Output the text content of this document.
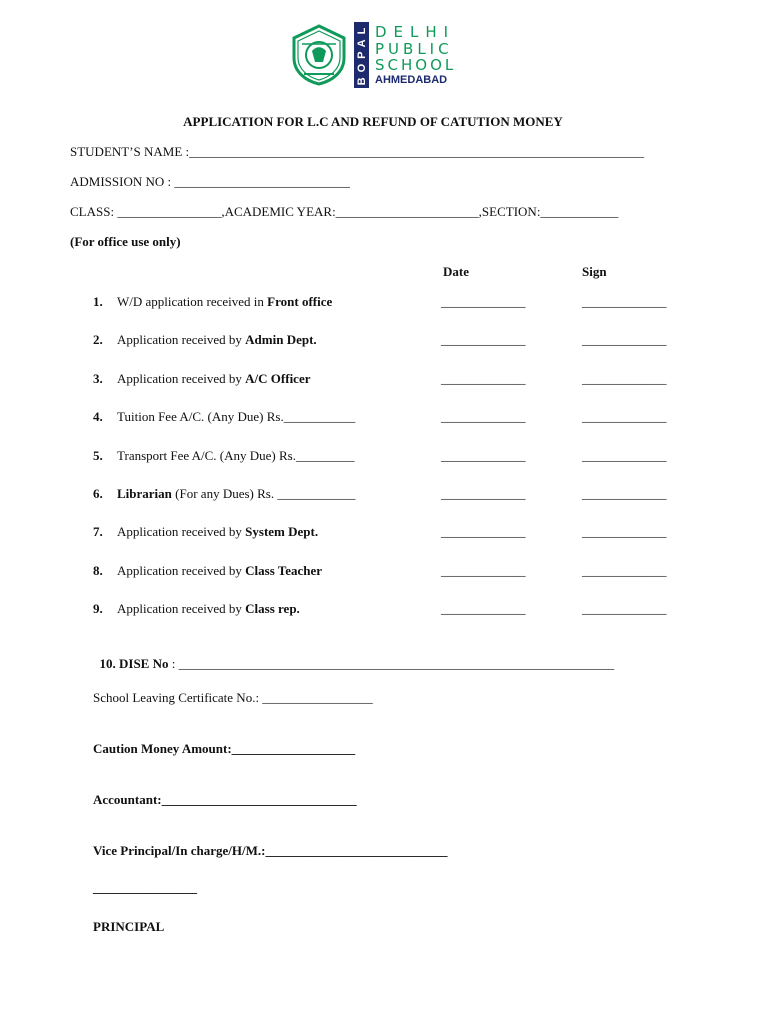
BOPAL DELHI
PUBLIC
SCHOOL
AHMEDABAD
APPLICATION FOR L.C AND REFUND OF CATUTION MONEY
STUDENT’S NAME :______________________________________________________________________
ADMISSION NO : ___________________________
CLASS: ________________,ACADEMIC YEAR:______________________,SECTION:____________
(For office use only)
Date	Sign
1. W/D application received in Front office	_____________	_____________
2. Application received by Admin Dept.	_____________	_____________
3. Application received by A/C Officer	_____________	_____________
4. Tuition Fee A/C. (Any Due) Rs.___________	_____________	_____________
5. Transport Fee A/C. (Any Due) Rs._________	_____________	_____________
6. Librarian (For any Dues) Rs. ____________	_____________	_____________
7. Application received by System Dept.	_____________	_____________
8. Application received by Class Teacher	_____________	_____________
9. Application received by Class rep.	_____________	_____________

10. DISE No : ___________________________________________________________________

School Leaving Certificate No.: _________________
Caution Money Amount:___________________
Accountant:______________________________
Vice Principal/In charge/H/M.:____________________________
________________
PRINCIPAL
